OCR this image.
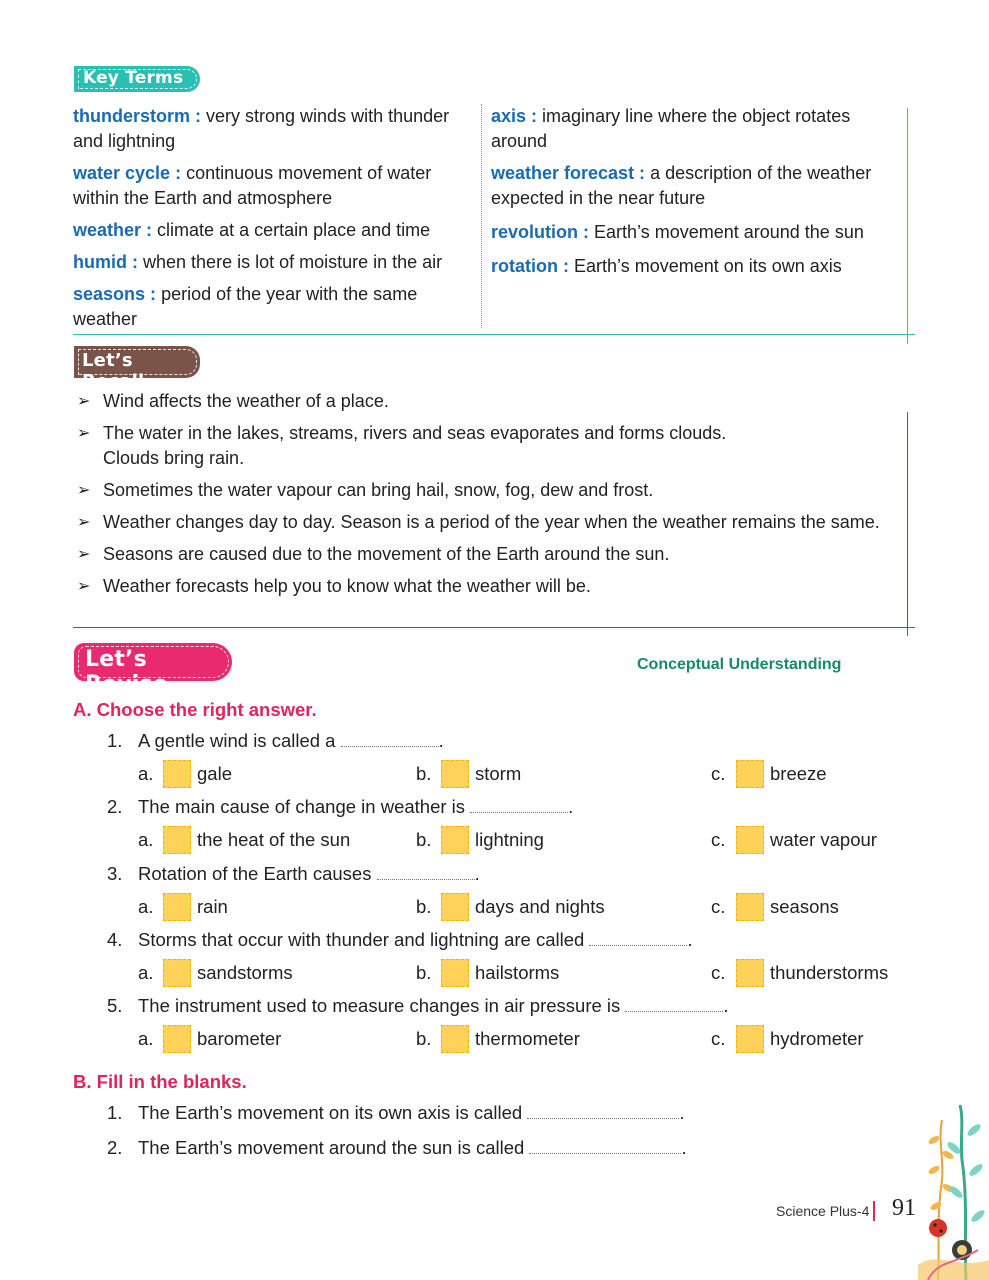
Key Terms

thunderstorm : very strong winds with thunder and lightning

water cycle : continuous movement of water within the Earth and atmosphere

weather : climate at a certain place and time

humid : when there is lot of moisture in the air

seasons : period of the year with the same weather

axis : imaginary line where the object rotates around

weather forecast : a description of the weather expected in the near future

revolution : Earth’s movement around the sun

rotation : Earth’s movement on its own axis

Let’s Recall
➢ Wind affects the weather of a place.
➢ The water in the lakes, streams, rivers and seas evaporates and forms clouds. Clouds bring rain.
➢ Sometimes the water vapour can bring hail, snow, fog, dew and frost.
➢ Weather changes day to day. Season is a period of the year when the weather remains the same.
➢ Seasons are caused due to the movement of the Earth around the sun.
➢ Weather forecasts help you to know what the weather will be.
Let’s Revise
Conceptual Understanding
A. Choose the right answer.
1. A gentle wind is called a	.
a. gale	b. storm	c. breeze
2. The main cause of change in weather is	.
a. the heat of the sun	b. lightning	c. water vapour
3. Rotation of the Earth causes	.
a. rain	b. days and nights	c. seasons
4. Storms that occur with thunder and lightning are called	.
a. sandstorms	b. hailstorms	c. thunderstorms
5. The instrument used to measure changes in air pressure is	.
a. barometer	b. thermometer	c. hydrometer
B. Fill in the blanks.
1. The Earth’s movement on its own axis is called	.
2. The Earth’s movement around the sun is called	.
Science Plus-4 91
